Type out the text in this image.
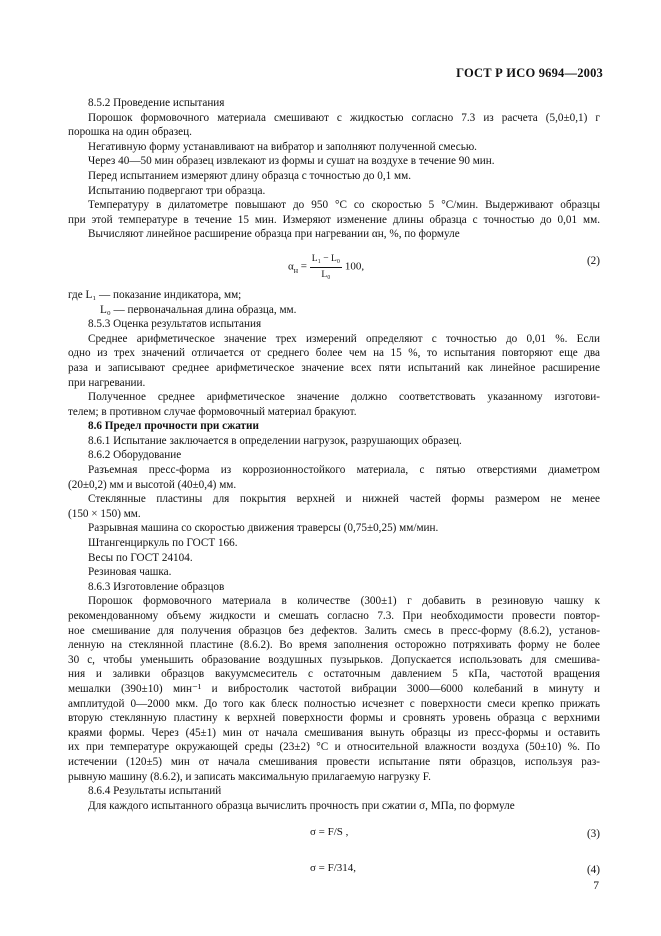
ГОСТ Р ИСО 9694—2003
8.5.2 Проведение испытания
Порошок формовочного материала смешивают с жидкостью согласно 7.3 из расчета (5,0±0,1) г
порошка на один образец.
Негативную форму устанавливают на вибратор и заполняют полученной смесью.
Через 40—50 мин образец извлекают из формы и сушат на воздухе в течение 90 мин.
Перед испытанием измеряют длину образца с точностью до 0,1 мм.
Испытанию подвергают три образца.
Температуру в дилатометре повышают до 950 °С со скоростью 5 °С/мин. Выдерживают образцы
при этой температуре в течение 15 мин. Измеряют изменение длины образца с точностью до 0,01 мм.
Вычисляют линейное расширение образца при нагревании αн, %, по формуле
$\alpha_н = \frac{\text{L₁ − L₀}}{\text{L₀}} 100$,	(2)
где L₁ — показание индикатора, мм;
L₀ — первоначальная длина образца, мм.
8.5.3 Оценка результатов испытания
Среднее арифметическое значение трех измерений определяют с точностью до 0,01 %. Если
одно из трех значений отличается от среднего более чем на 15 %, то испытания повторяют еще два
раза и записывают среднее арифметическое значение всех пяти испытаний как линейное расширение
при нагревании.
Полученное среднее арифметическое значение должно соответствовать указанному изготови-
телем; в противном случае формовочный материал бракуют.
8.6 Предел прочности при сжатии
8.6.1 Испытание заключается в определении нагрузок, разрушающих образец.
8.6.2 Оборудование
Разъемная пресс-форма из коррозионностойкого материала, с пятью отверстиями диаметром
(20±0,2) мм и высотой (40±0,4) мм.
Стеклянные пластины для покрытия верхней и нижней частей формы размером не менее
(150 × 150) мм.
Разрывная машина со скоростью движения траверсы (0,75±0,25) мм/мин.
Штангенциркуль по ГОСТ 166.
Весы по ГОСТ 24104.
Резиновая чашка.
8.6.3 Изготовление образцов
Порошок формовочного материала в количестве (300±1) г добавить в резиновую чашку к
рекомендованному объему жидкости и смешать согласно 7.3. При необходимости провести повтор-
ное смешивание для получения образцов без дефектов. Залить смесь в пресс-форму (8.6.2), установ-
ленную на стеклянной пластине (8.6.2). Во время заполнения осторожно потряхивать форму не более
30 с, чтобы уменьшить образование воздушных пузырьков. Допускается использовать для смешива-
ния и заливки образцов вакуумсмеситель с остаточным давлением 5 кПа, частотой вращения
мешалки (390±10) мин⁻¹ и вибростолик частотой вибрации 3000—6000 колебаний в минуту и
амплитудой 0—2000 мкм. До того как блеск полностью исчезнет с поверхности смеси крепко прижать
вторую стеклянную пластину к верхней поверхности формы и сровнять уровень образца с верхними
краями формы. Через (45±1) мин от начала смешивания вынуть образцы из пресс-формы и оставить
их при температуре окружающей среды (23±2) °С и относительной влажности воздуха (50±10) %. По
истечении (120±5) мин от начала смешивания провести испытание пяти образцов, используя раз-
рывную машину (8.6.2), и записать максимальную прилагаемую нагрузку F.
8.6.4 Результаты испытаний
Для каждого испытанного образца вычислить прочность при сжатии σ, МПа, по формуле
σ = F/S ,	(3)
σ = F/314,	(4)
7
